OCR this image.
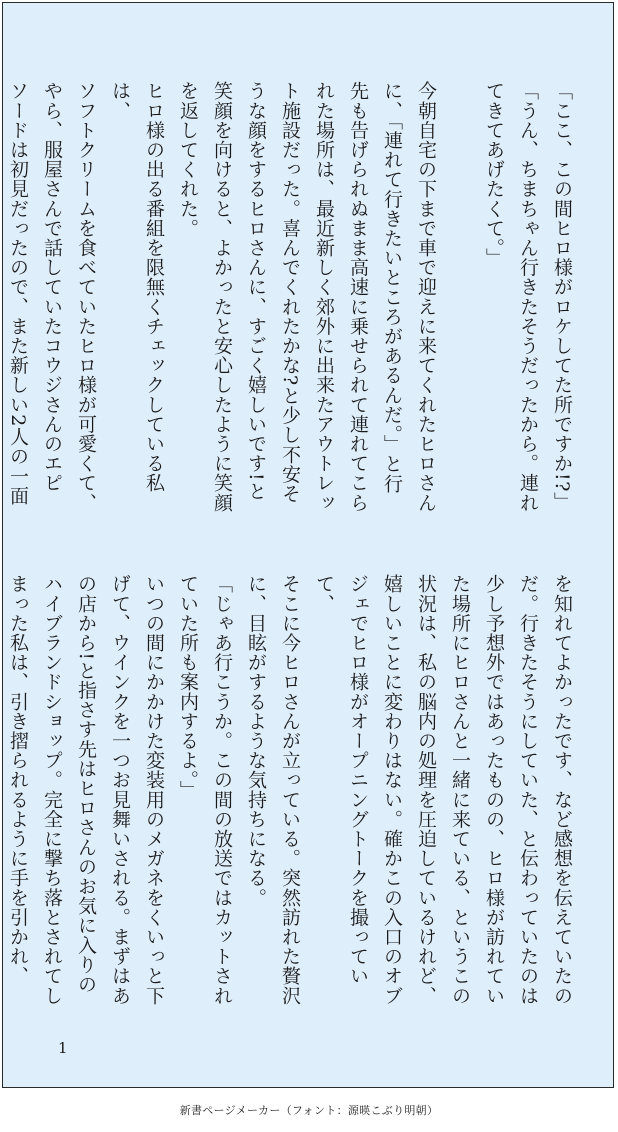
「ここ、この間ヒロ様がロケしてた所ですか!?」

「うん、ちまちゃん行きたそうだったから。連れ
てきてあげたくて。」

今朝自宅の下まで車で迎えに来てくれたヒロさん
に、「連れて行きたいところがあるんだ。」と行
先も告げられぬまま高速に乗せられて連れてこら
れた場所は、最近新しく郊外に出来たアウトレッ
ト施設だった。喜んでくれたかな?と少し不安そ
うな顔をするヒロさんに、すごく嬉しいです!と
笑顔を向けると、よかったと安心したように笑顔
を返してくれた。

ヒロ様の出る番組を限無くチェックしている私は、
ソフトクリームを食べていたヒロ様が可愛くて、
やら、服屋さんで話していたコウジさんのエピ
ソードは初見だったので、また新しい2人の一面

を知れてよかったです、など感想を伝えていたの
だ。行きたそうにしていた、と伝わっていたのは
少し予想外ではあったものの、ヒロ様が訪れてい
た場所にヒロさんと一緒に来ている、というこの
状況は、私の脳内の処理を圧迫しているけれど、
嬉しいことに変わりはない。確かこの入口のオブ
ジェでヒロ様がオープニングトークを撮っていて、
そこに今ヒロさんが立っている。突然訪れた贅沢
に、目眩がするような気持ちになる。

「じゃあ行こうか。この間の放送ではカットされ
ていた所も案内するよ。」

いつの間にかかけた変装用のメガネをくいっと下
げて、ウインクを一つお見舞いされる。まずはあ
の店から!と指さす先はヒロさんのお気に入りの
ハイブランドショップ。完全に撃ち落とされてし
まった私は、引き摺られるように手を引かれ、

1
新書ページメーカー（フォント：源暎こぶり明朝）
